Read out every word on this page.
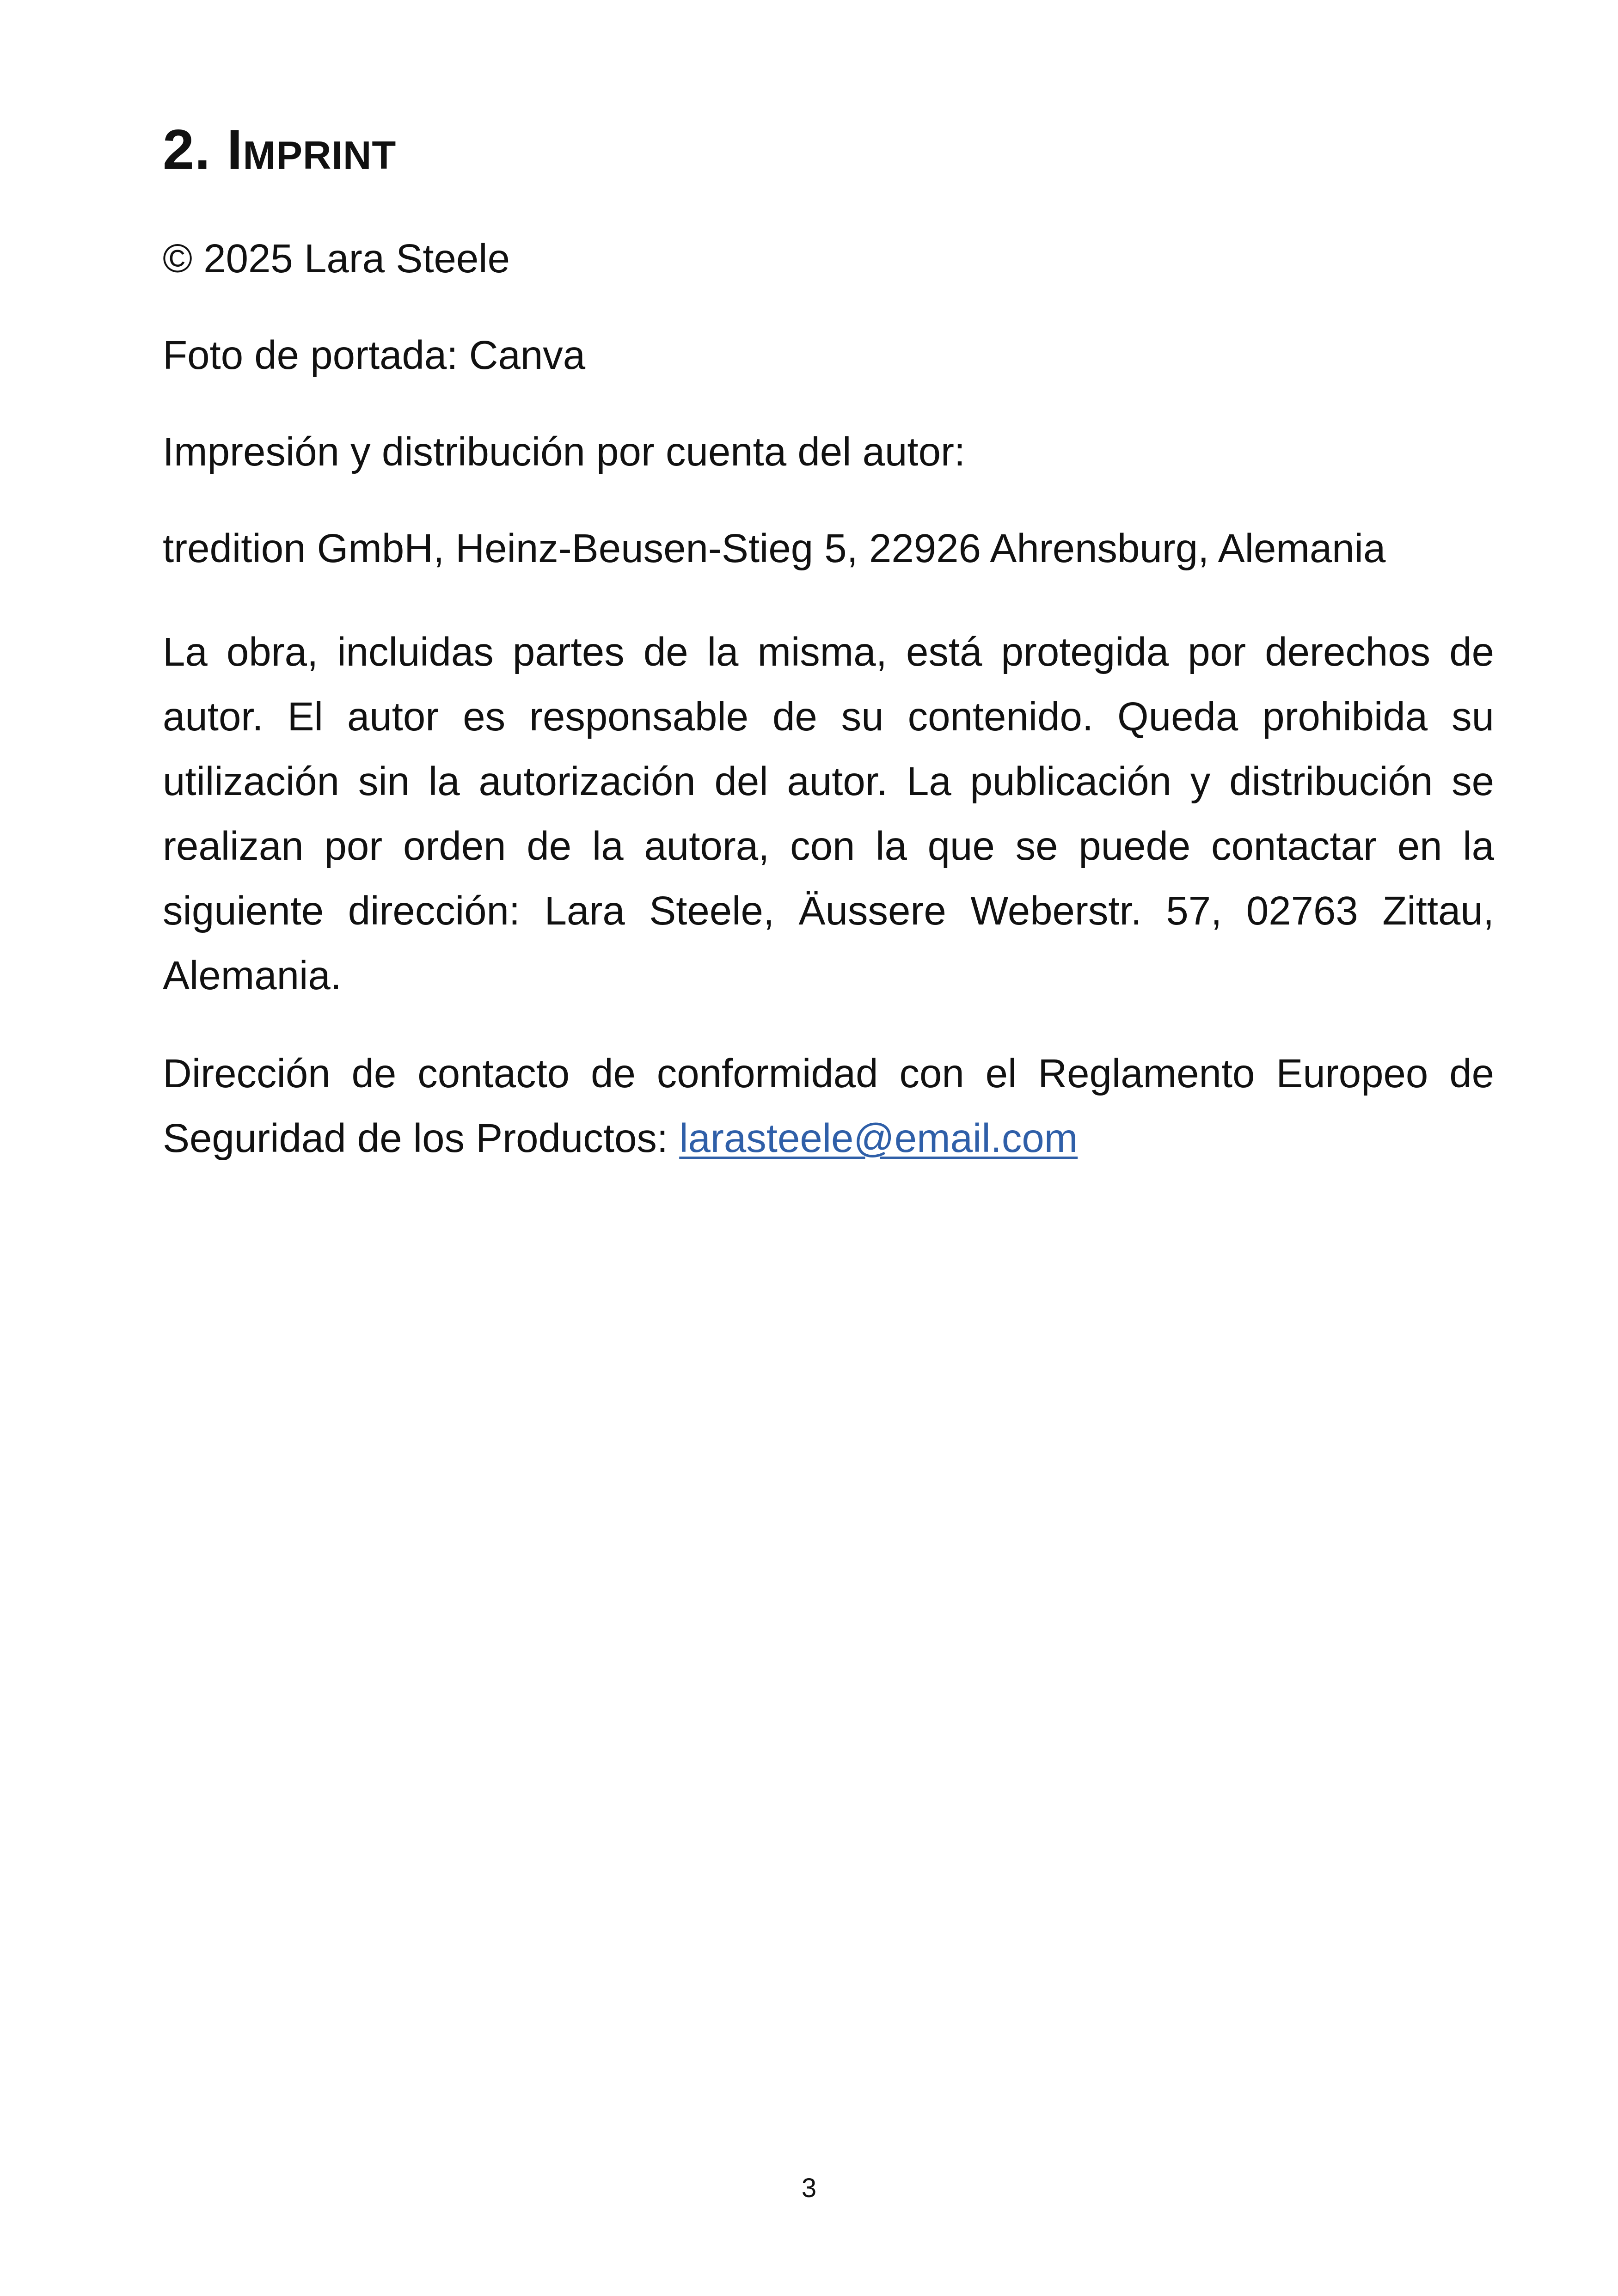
2. Imprint

© 2025 Lara Steele

Foto de portada: Canva

Impresión y distribución por cuenta del autor:

tredition GmbH, Heinz-Beusen-Stieg 5, 22926 Ahrensburg, Alemania

La obra, incluidas partes de la misma, está protegida por derechos de autor. El autor es responsable de su contenido. Queda prohibida su utilización sin la autorización del autor. La publicación y distribución se realizan por orden de la autora, con la que se puede contactar en la siguiente dirección: Lara Steele, Äussere Weberstr. 57, 02763 Zittau, Alemania.

Dirección de contacto de conformidad con el Reglamento Europeo de Seguridad de los Productos: larasteele@email.com

3
